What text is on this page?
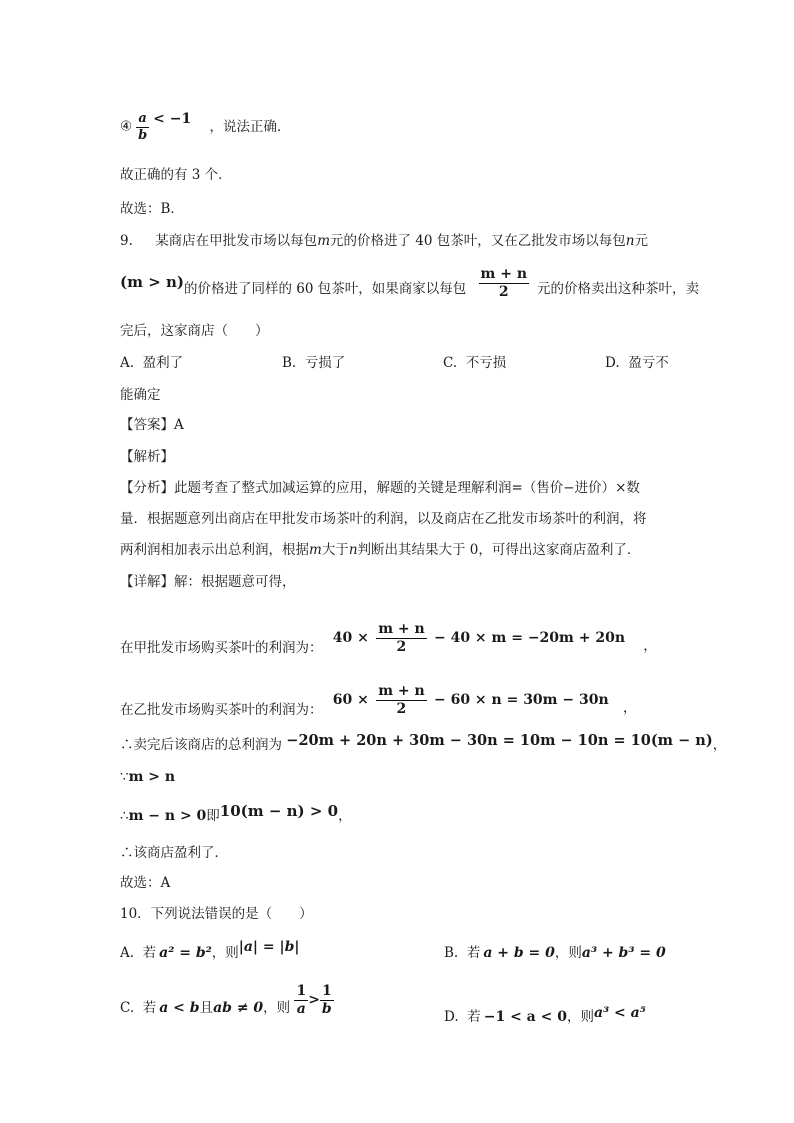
④ $\frac{a}{b} < -1$ ，说法正确．
故正确的有 3 个．
故选：B．
9. 某商店在甲批发市场以每包m元的价格进了 40 包茶叶，又在乙批发市场以每包n元
(m > n)的价格进了同样的 60 包茶叶，如果商家以每包 $\frac{m + n}{2}$ 元的价格卖出这种茶叶，卖
完后，这家商店（　　）
A. 盈利了	B. 亏损了	C. 不亏损	D. 盈亏不
能确定
【答案】A
【解析】
【分析】此题考查了整式加减运算的应用，解题的关键是理解利润=（售价−进价）×数
量．根据题意列出商店在甲批发市场茶叶的利润，以及商店在乙批发市场茶叶的利润，将
两利润相加表示出总利润，根据m大于n判断出其结果大于 0，可得出这家商店盈利了．
【详解】解：根据题意可得，
在甲批发市场购买茶叶的利润为： $40 \times \frac{m + n}{2} - 40 \times m = -20m + 20n$ ，
在乙批发市场购买茶叶的利润为： $60 \times \frac{m + n}{2} - 60 \times n = 30m - 30n$ ，
∴卖完后该商店的总利润为 −20m + 20n + 30m − 30n = 10m − 10n = 10(m − n)，
∵m > n
∴m − n > 0即10(m − n) > 0，
∴该商店盈利了．
故选：A
10．下列说法错误的是（　　）
A. 若 a² = b²，则|a| = |b|	B. 若 a + b = 0，则a³ + b³ = 0
C. 若 a < b且ab ≠ 0，则 $\frac{1}{a} > \frac{1}{b}$
D. 若 −1 < a < 0，则a³ < a⁵
